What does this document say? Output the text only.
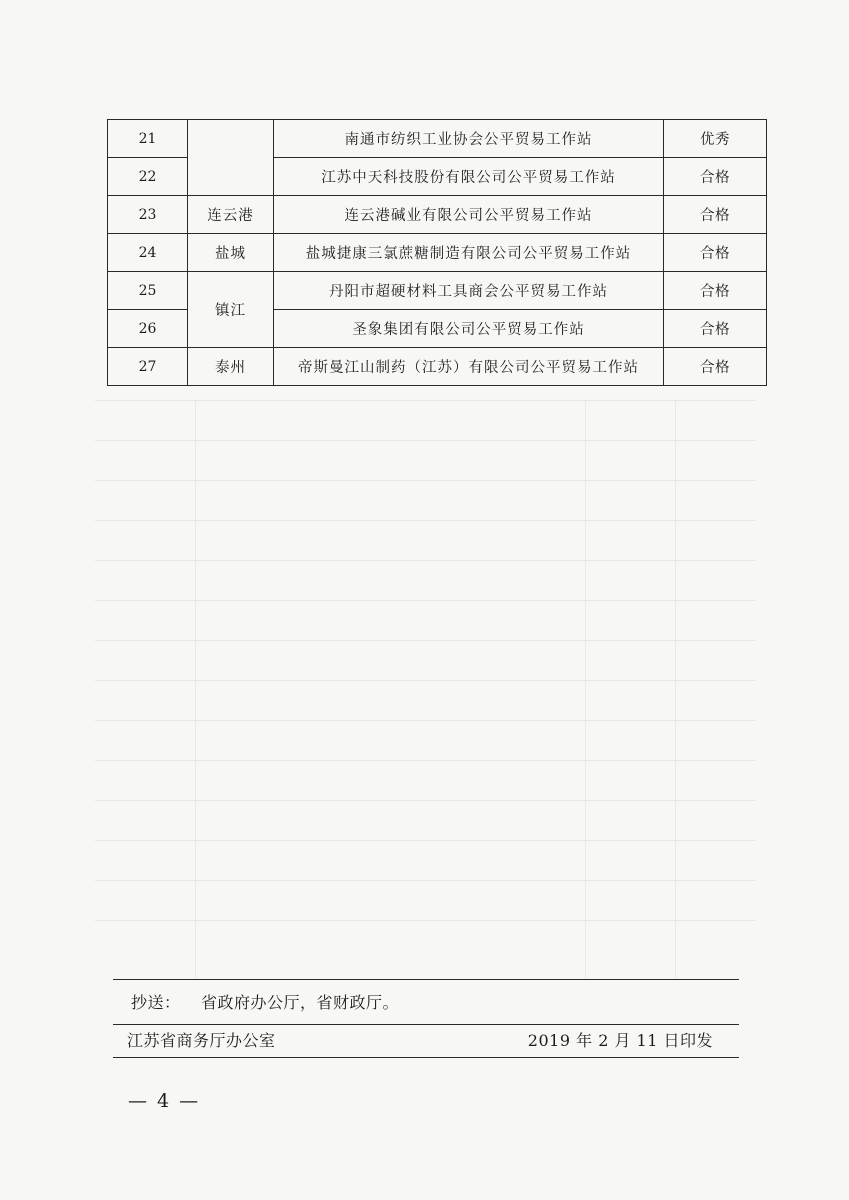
21		南通市纺织工业协会公平贸易工作站	优秀
22		江苏中天科技股份有限公司公平贸易工作站	合格
23	连云港	连云港碱业有限公司公平贸易工作站	合格
24	盐城	盐城捷康三氯蔗糖制造有限公司公平贸易工作站	合格
25	镇江	丹阳市超硬材料工具商会公平贸易工作站	合格
26		圣象集团有限公司公平贸易工作站	合格
27	泰州	帝斯曼江山制药（江苏）有限公司公平贸易工作站	合格
抄送： 省政府办公厅，省财政厅。
江苏省商务厅办公室	2019 年 2 月 11 日印发
— 4 —
